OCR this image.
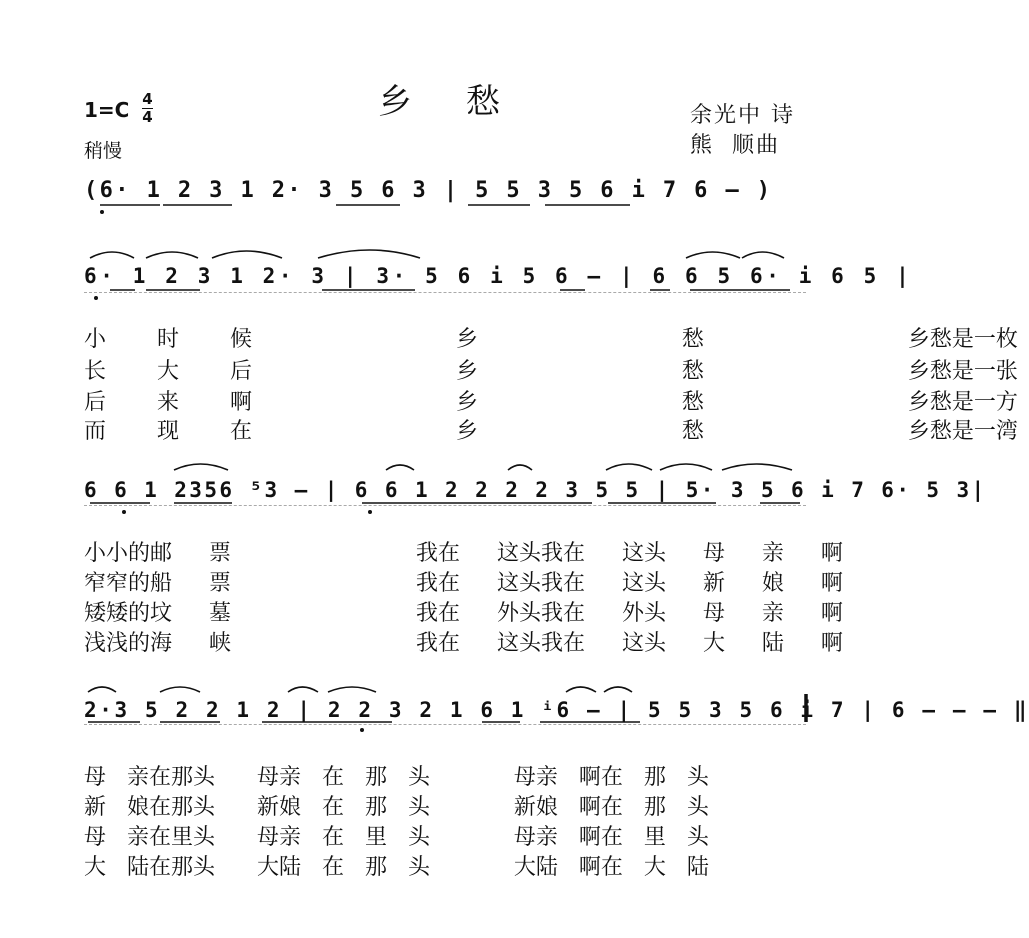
乡愁
1=C 4
4
稍慢
余光中 诗
熊  顺曲
(6· 1 2 3 1 2· 3 5 6 3 | 5 5 3 5 6 i 7 6 – )
6· 1 2 3 1 2· 3 | 3· 5 6 i 5 6 – | 6 6 5 6· i 6 5 |
小 时 候    乡    愁    乡愁是一枚
长 大 后    乡    愁    乡愁是一张
后 来 啊    乡    愁    乡愁是一方
而 现 在    乡    愁    乡愁是一湾
6 6 1 2356 ⁵3 – | 6 6 1 2 2 2 2 3 5 5 | 5· 3 5 6 i 7 6· 5 3|
小小的邮 票     我在 这头我在 这头 母 亲 啊
窄窄的船 票     我在 这头我在 这头 新 娘 啊
矮矮的坟 墓     我在 外头我在 外头 母 亲 啊
浅浅的海 峡     我在 这头我在 这头 大 陆 啊
2·3 5 2 2 1 2 | 2 2 3 2 1 6 1 ⁱ6 – | 5 5 3 5 6 i 7 | 6 – – – ‖
母 亲在那头  母亲 在 那 头    母亲 啊在 那 头
新 娘在那头  新娘 在 那 头    新娘 啊在 那 头
母 亲在里头  母亲 在 里 头    母亲 啊在 里 头
大 陆在那头  大陆 在 那 头    大陆 啊在 大 陆
